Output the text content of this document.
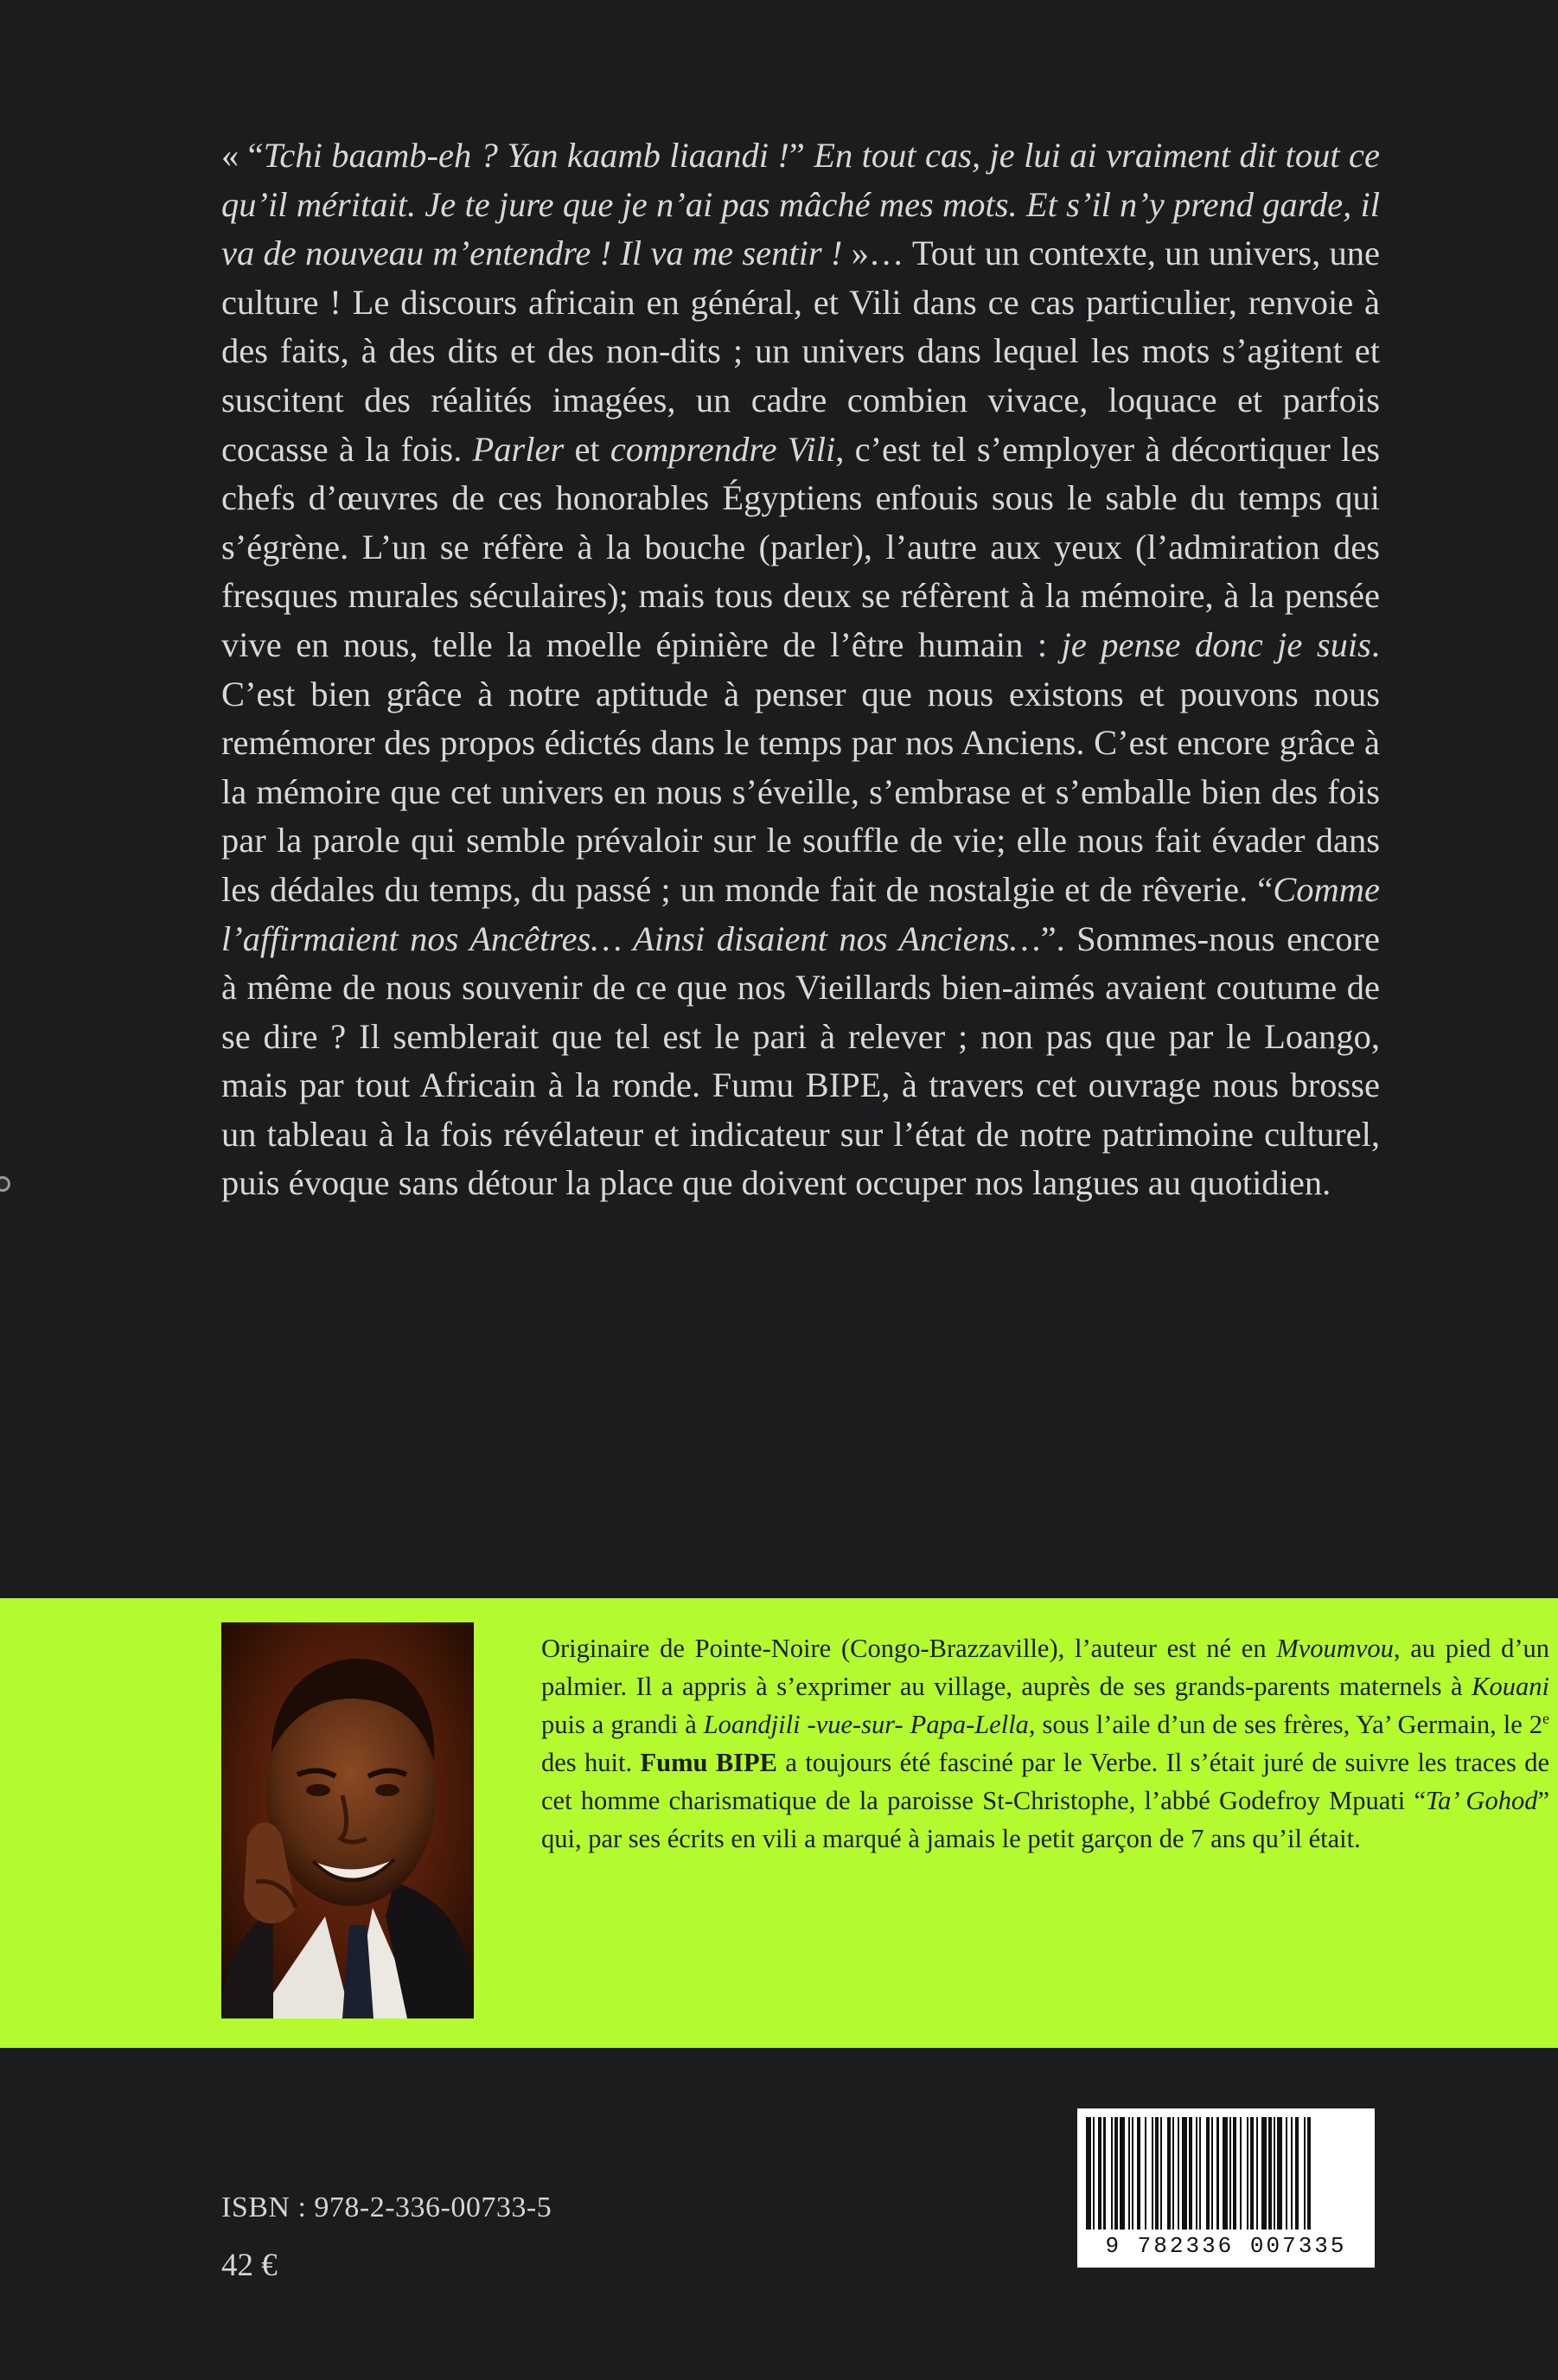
« “Tchi baamb-eh ? Yan kaamb liaandi !” En tout cas, je lui ai vraiment dit tout ce qu’il méritait. Je te jure que je n’ai pas mâché mes mots. Et s’il n’y prend garde, il va de nouveau m’entendre ! Il va me sentir ! »… Tout un contexte, un univers, une culture ! Le discours africain en général, et Vili dans ce cas particulier, renvoie à des faits, à des dits et des non-dits ; un univers dans lequel les mots s’agitent et suscitent des réalités imagées, un cadre combien vivace, loquace et parfois cocasse à la fois. Parler et comprendre Vili, c’est tel s’employer à décortiquer les chefs d’œuvres de ces honorables Égyptiens enfouis sous le sable du temps qui s’égrène. L’un se réfère à la bouche (parler), l’autre aux yeux (l’admiration des fresques murales séculaires); mais tous deux se réfèrent à la mémoire, à la pensée vive en nous, telle la moelle épinière de l’être humain : je pense donc je suis. C’est bien grâce à notre aptitude à penser que nous existons et pouvons nous remémorer des propos édictés dans le temps par nos Anciens. C’est encore grâce à la mémoire que cet univers en nous s’éveille, s’embrase et s’emballe bien des fois par la parole qui semble prévaloir sur le souffle de vie; elle nous fait évader dans les dédales du temps, du passé ; un monde fait de nostalgie et de rêverie. “Comme l’affirmaient nos Ancêtres… Ainsi disaient nos Anciens…”. Sommes-nous encore à même de nous souvenir de ce que nos Vieillards bien-aimés avaient coutume de se dire ? Il semblerait que tel est le pari à relever ; non pas que par le Loango, mais par tout Africain à la ronde. Fumu BIPE, à travers cet ouvrage nous brosse un tableau à la fois révélateur et indicateur sur l’état de notre patrimoine culturel, puis évoque sans détour la place que doivent occuper nos langues au quotidien.

Originaire de Pointe-Noire (Congo-Brazzaville), l’auteur est né en Mvoumvou, au pied d’un palmier. Il a appris à s’exprimer au village, auprès de ses grands-parents maternels à Kouani puis a grandi à Loandjili -vue-sur- Papa-Lella, sous l’aile d’un de ses frères, Ya’ Germain, le 2e des huit. Fumu BIPE a toujours été fasciné par le Verbe. Il s’était juré de suivre les traces de cet homme charismatique de la paroisse St-Christophe, l’abbé Godefroy Mpuati “Ta’ Gohod” qui, par ses écrits en vili a marqué à jamais le petit garçon de 7 ans qu’il était.

ISBN : 978-2-336-00733-5
42 €
9 782336 007335
